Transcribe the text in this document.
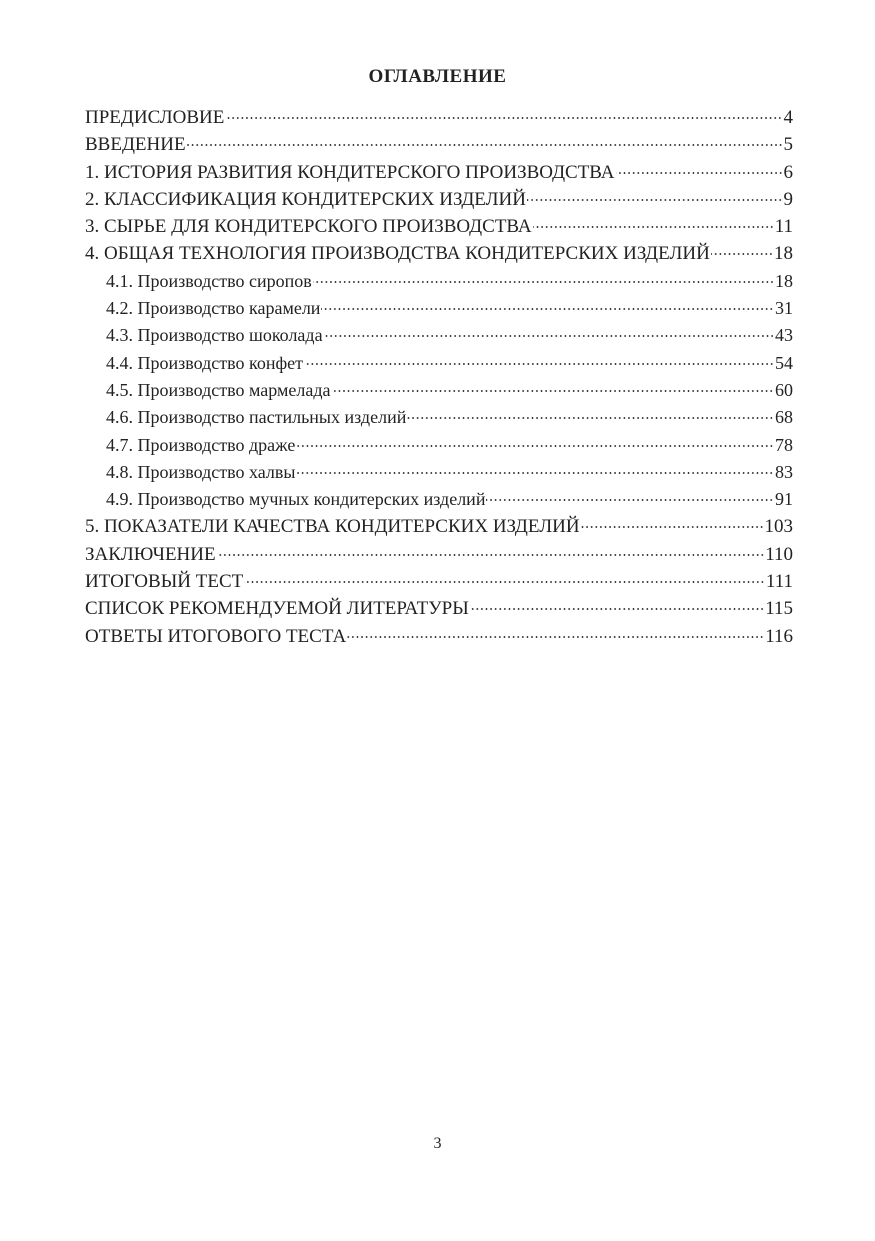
ОГЛАВЛЕНИЕ
ПРЕДИСЛОВИЕ	4
ВВЕДЕНИЕ	5
1. ИСТОРИЯ РАЗВИТИЯ КОНДИТЕРСКОГО ПРОИЗВОДСТВА	6
2. КЛАССИФИКАЦИЯ КОНДИТЕРСКИХ ИЗДЕЛИЙ	9
3. СЫРЬЕ ДЛЯ КОНДИТЕРСКОГО ПРОИЗВОДСТВА	11
4. ОБЩАЯ ТЕХНОЛОГИЯ ПРОИЗВОДСТВА КОНДИТЕРСКИХ ИЗДЕЛИЙ	18
4.1. Производство сиропов	18
4.2. Производство карамели	31
4.3. Производство шоколада	43
4.4. Производство конфет	54
4.5. Производство мармелада	60
4.6. Производство пастильных изделий	68
4.7. Производство драже	78
4.8. Производство халвы	83
4.9. Производство мучных кондитерских изделий	91
5. ПОКАЗАТЕЛИ КАЧЕСТВА КОНДИТЕРСКИХ ИЗДЕЛИЙ	103
ЗАКЛЮЧЕНИЕ	110
ИТОГОВЫЙ ТЕСТ	111
СПИСОК РЕКОМЕНДУЕМОЙ ЛИТЕРАТУРЫ	115
ОТВЕТЫ ИТОГОВОГО ТЕСТА	116
3
